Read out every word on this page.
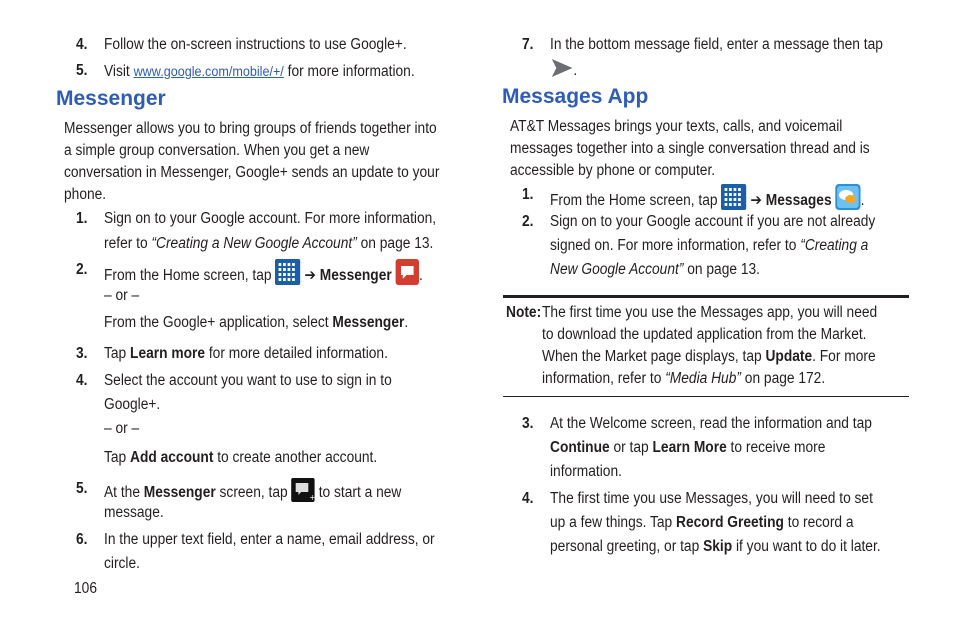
4. Follow the on-screen instructions to use Google+.
5. Visit www.google.com/mobile/+/ for more information.
Messenger
Messenger allows you to bring groups of friends together into
a simple group conversation. When you get a new
conversation in Messenger, Google+ sends an update to your
phone.
1. Sign on to your Google account. For more information,
refer to “Creating a New Google Account” on page 13.
2. From the Home screen, tap  ➔ Messenger .
– or –
From the Google+ application, select Messenger.
3. Tap Learn more for more detailed information.
4. Select the account you want to use to sign in to
Google+.
– or –
Tap Add account to create another account.
5. At the Messenger screen, tap + to start a new
message.
6. In the upper text field, enter a name, email address, or
circle.
106
7. In the bottom message field, enter a message then tap
.
Messages App
AT&T Messages brings your texts, calls, and voicemail
messages together into a single conversation thread and is
accessible by phone or computer.
1. From the Home screen, tap  ➔ Messages .
2. Sign on to your Google account if you are not already
signed on. For more information, refer to “Creating a
New Google Account” on page 13.
Note: The first time you use the Messages app, you will need
to download the updated application from the Market.
When the Market page displays, tap Update. For more
information, refer to “Media Hub” on page 172.
3. At the Welcome screen, read the information and tap
Continue or tap Learn More to receive more
information.
4. The first time you use Messages, you will need to set
up a few things. Tap Record Greeting to record a
personal greeting, or tap Skip if you want to do it later.
